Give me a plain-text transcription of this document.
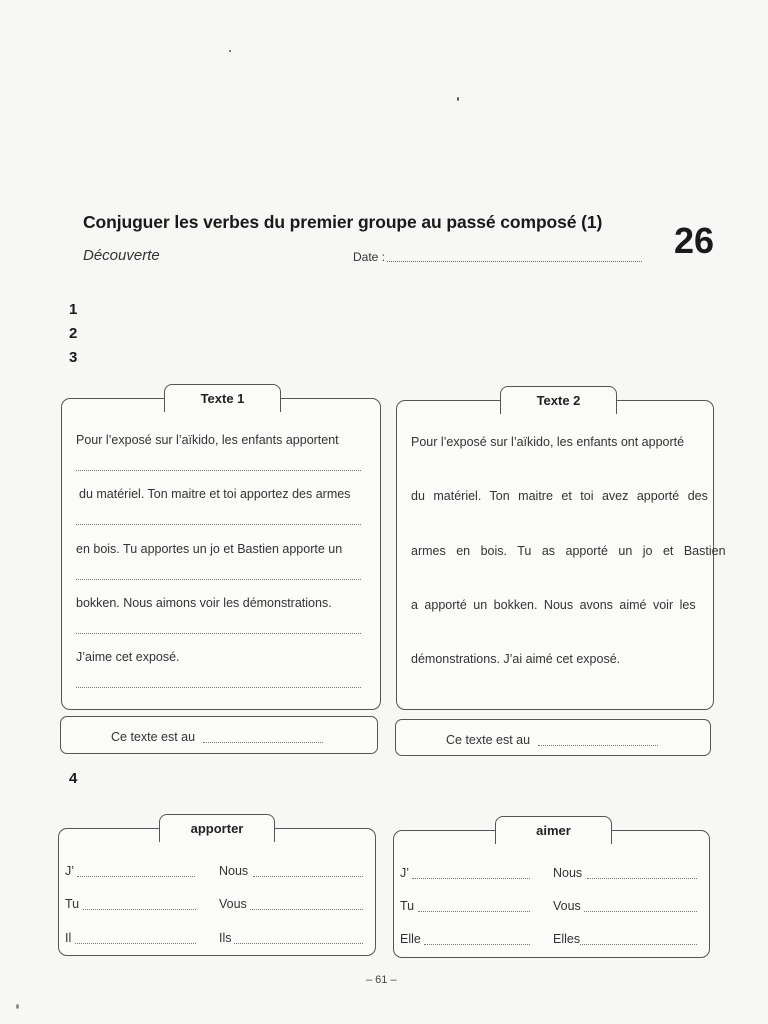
Conjuguer les verbes du premier groupe au passé composé (1)
Découverte	Date :	26
1
2
3
4
Texte 1
Pour l’exposé sur l’aïkido, les enfants apportent
du matériel. Ton maitre et toi apportez des armes
en bois. Tu apportes un jo et Bastien apporte un
bokken. Nous aimons voir les démonstrations.
J’aime cet exposé.
Ce texte est au
Texte 2
Pour l’exposé sur l’aïkido, les enfants ont apporté
du matériel. Ton maitre et toi avez apporté des
armes en bois. Tu as apporté un jo et Bastien
a apporté un bokken. Nous avons aimé voir les
démonstrations. J’ai aimé cet exposé.
Ce texte est au
apporter
J’	Nous
Tu	Vous
Il	Ils
aimer
J’	Nous
Tu	Vous
Elle	Elles
– 61 –
